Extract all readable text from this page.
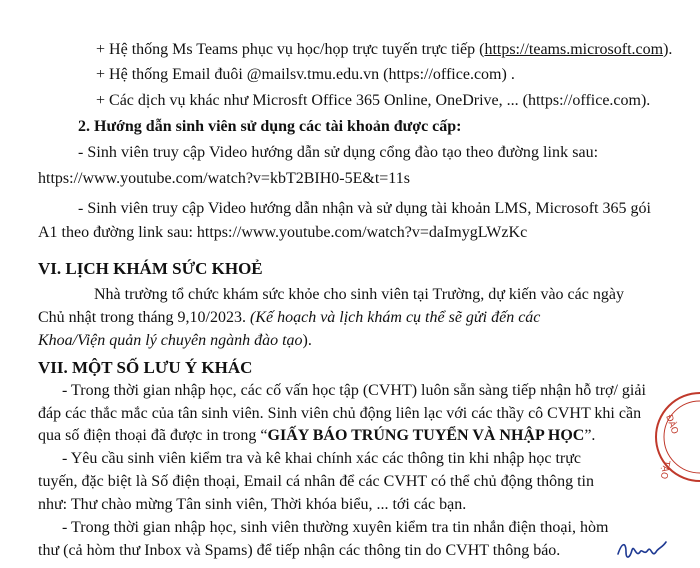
+ Hệ thống Ms Teams phục vụ học/họp trực tuyến trực tiếp (https://teams.microsoft.com).
+ Hệ thống Email đuôi @mailsv.tmu.edu.vn (https://office.com) .
+ Các dịch vụ khác như Microsft Office 365 Online, OneDrive, ... (https://office.com).
2. Hướng dẫn sinh viên sử dụng các tài khoản được cấp:
- Sinh viên truy cập Video hướng dẫn sử dụng cổng đào tạo theo đường link sau:
https://www.youtube.com/watch?v=kbT2BIH0-5E&t=11s
- Sinh viên truy cập Video hướng dẫn nhận và sử dụng tài khoản LMS, Microsoft 365 gói
A1 theo đường link sau: https://www.youtube.com/watch?v=daImygLWzKc
VI. LỊCH KHÁM SỨC KHOẺ
Nhà trường tổ chức khám sức khỏe cho sinh viên tại Trường, dự kiến vào các ngày
Chủ nhật trong tháng 9,10/2023. (Kế hoạch và lịch khám cụ thể sẽ gửi đến các
Khoa/Viện quản lý chuyên ngành đào tạo).
VII. MỘT SỐ LƯU Ý KHÁC
- Trong thời gian nhập học, các cố vấn học tập (CVHT) luôn sẵn sàng tiếp nhận hỗ trợ/ giải
đáp các thắc mắc của tân sinh viên. Sinh viên chủ động liên lạc với các thầy cô CVHT khi cần
qua số điện thoại đã được in trong “GIẤY BÁO TRÚNG TUYỂN VÀ NHẬP HỌC”.
- Yêu cầu sinh viên kiểm tra và kê khai chính xác các thông tin khi nhập học trực
tuyến, đặc biệt là Số điện thoại, Email cá nhân để các CVHT có thể chủ động thông tin
như: Thư chào mừng Tân sinh viên, Thời khóa biểu, ... tới các bạn.
- Trong thời gian nhập học, sinh viên thường xuyên kiểm tra tin nhắn điện thoại, hòm
thư (cả hòm thư Inbox và Spams) để tiếp nhận các thông tin do CVHT thông báo.
ĐÀO
TẠO
